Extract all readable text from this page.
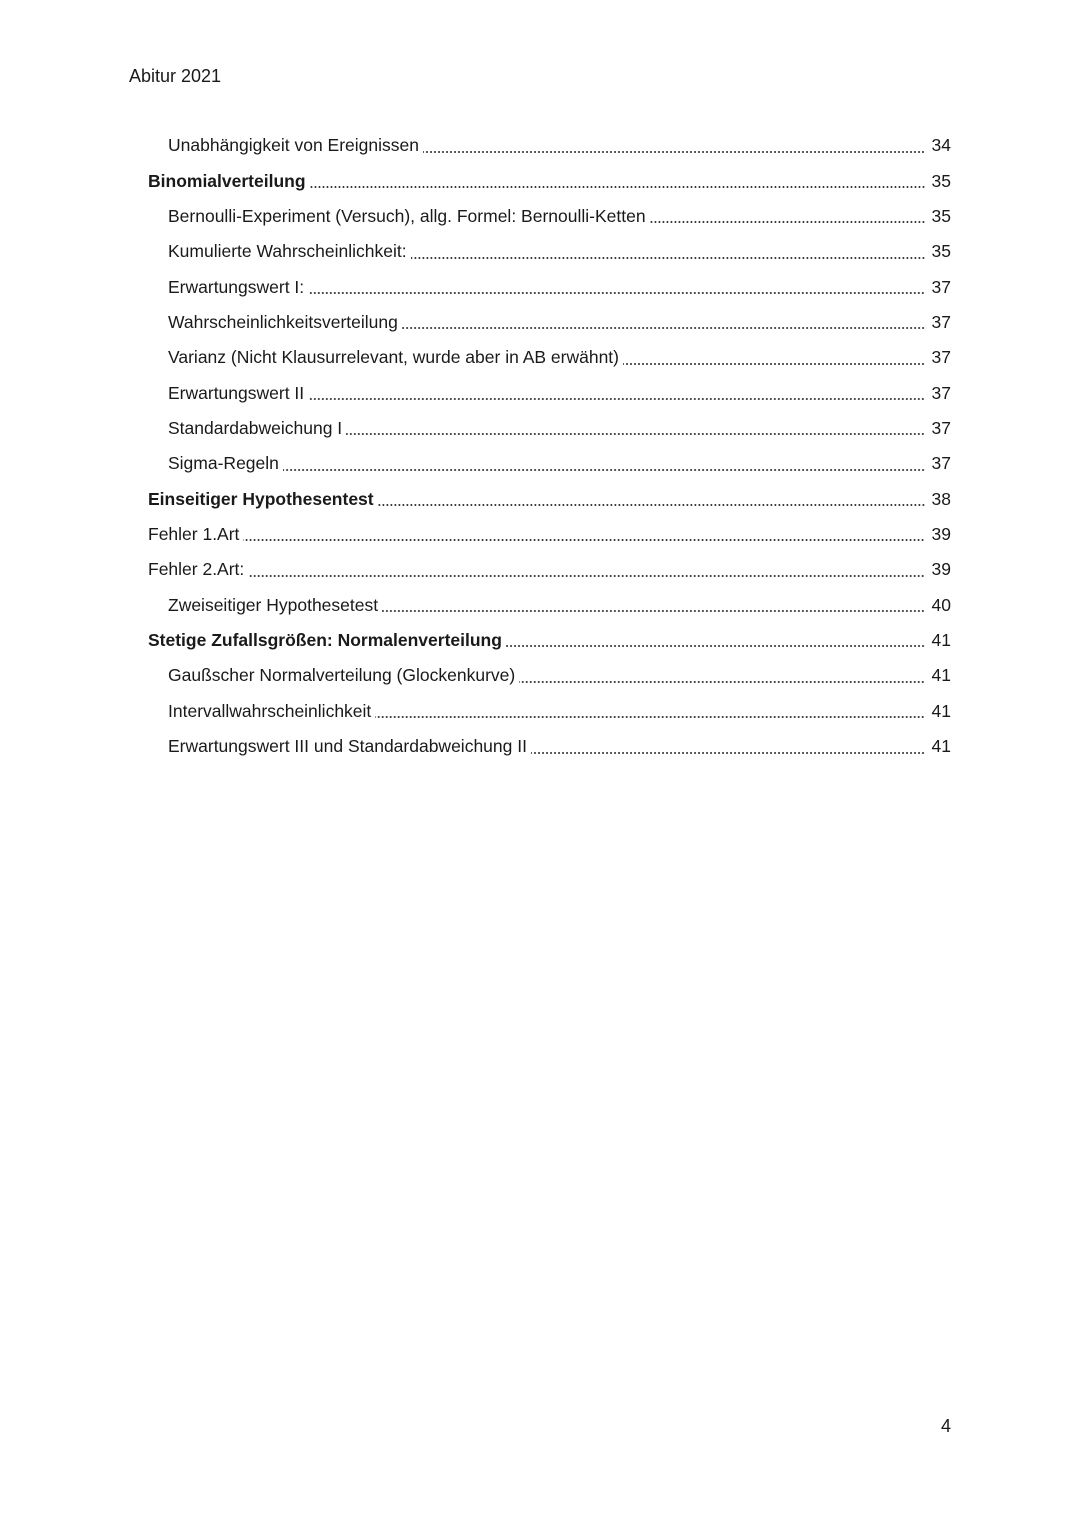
Abitur 2021
Unabhängigkeit von Ereignissen	34
Binomialverteilung	35
Bernoulli-Experiment (Versuch), allg. Formel: Bernoulli-Ketten	35
Kumulierte Wahrscheinlichkeit:	35
Erwartungswert I:	37
Wahrscheinlichkeitsverteilung	37
Varianz (Nicht Klausurrelevant, wurde aber in AB erwähnt)	37
Erwartungswert II	37
Standardabweichung I	37
Sigma-Regeln	37
Einseitiger Hypothesentest	38
Fehler 1.Art	39
Fehler 2.Art:	39
Zweiseitiger Hypothesetest	40
Stetige Zufallsgrößen: Normalenverteilung	41
Gaußscher Normalverteilung (Glockenkurve)	41
Intervallwahrscheinlichkeit	41
Erwartungswert III und Standardabweichung II	41
4
